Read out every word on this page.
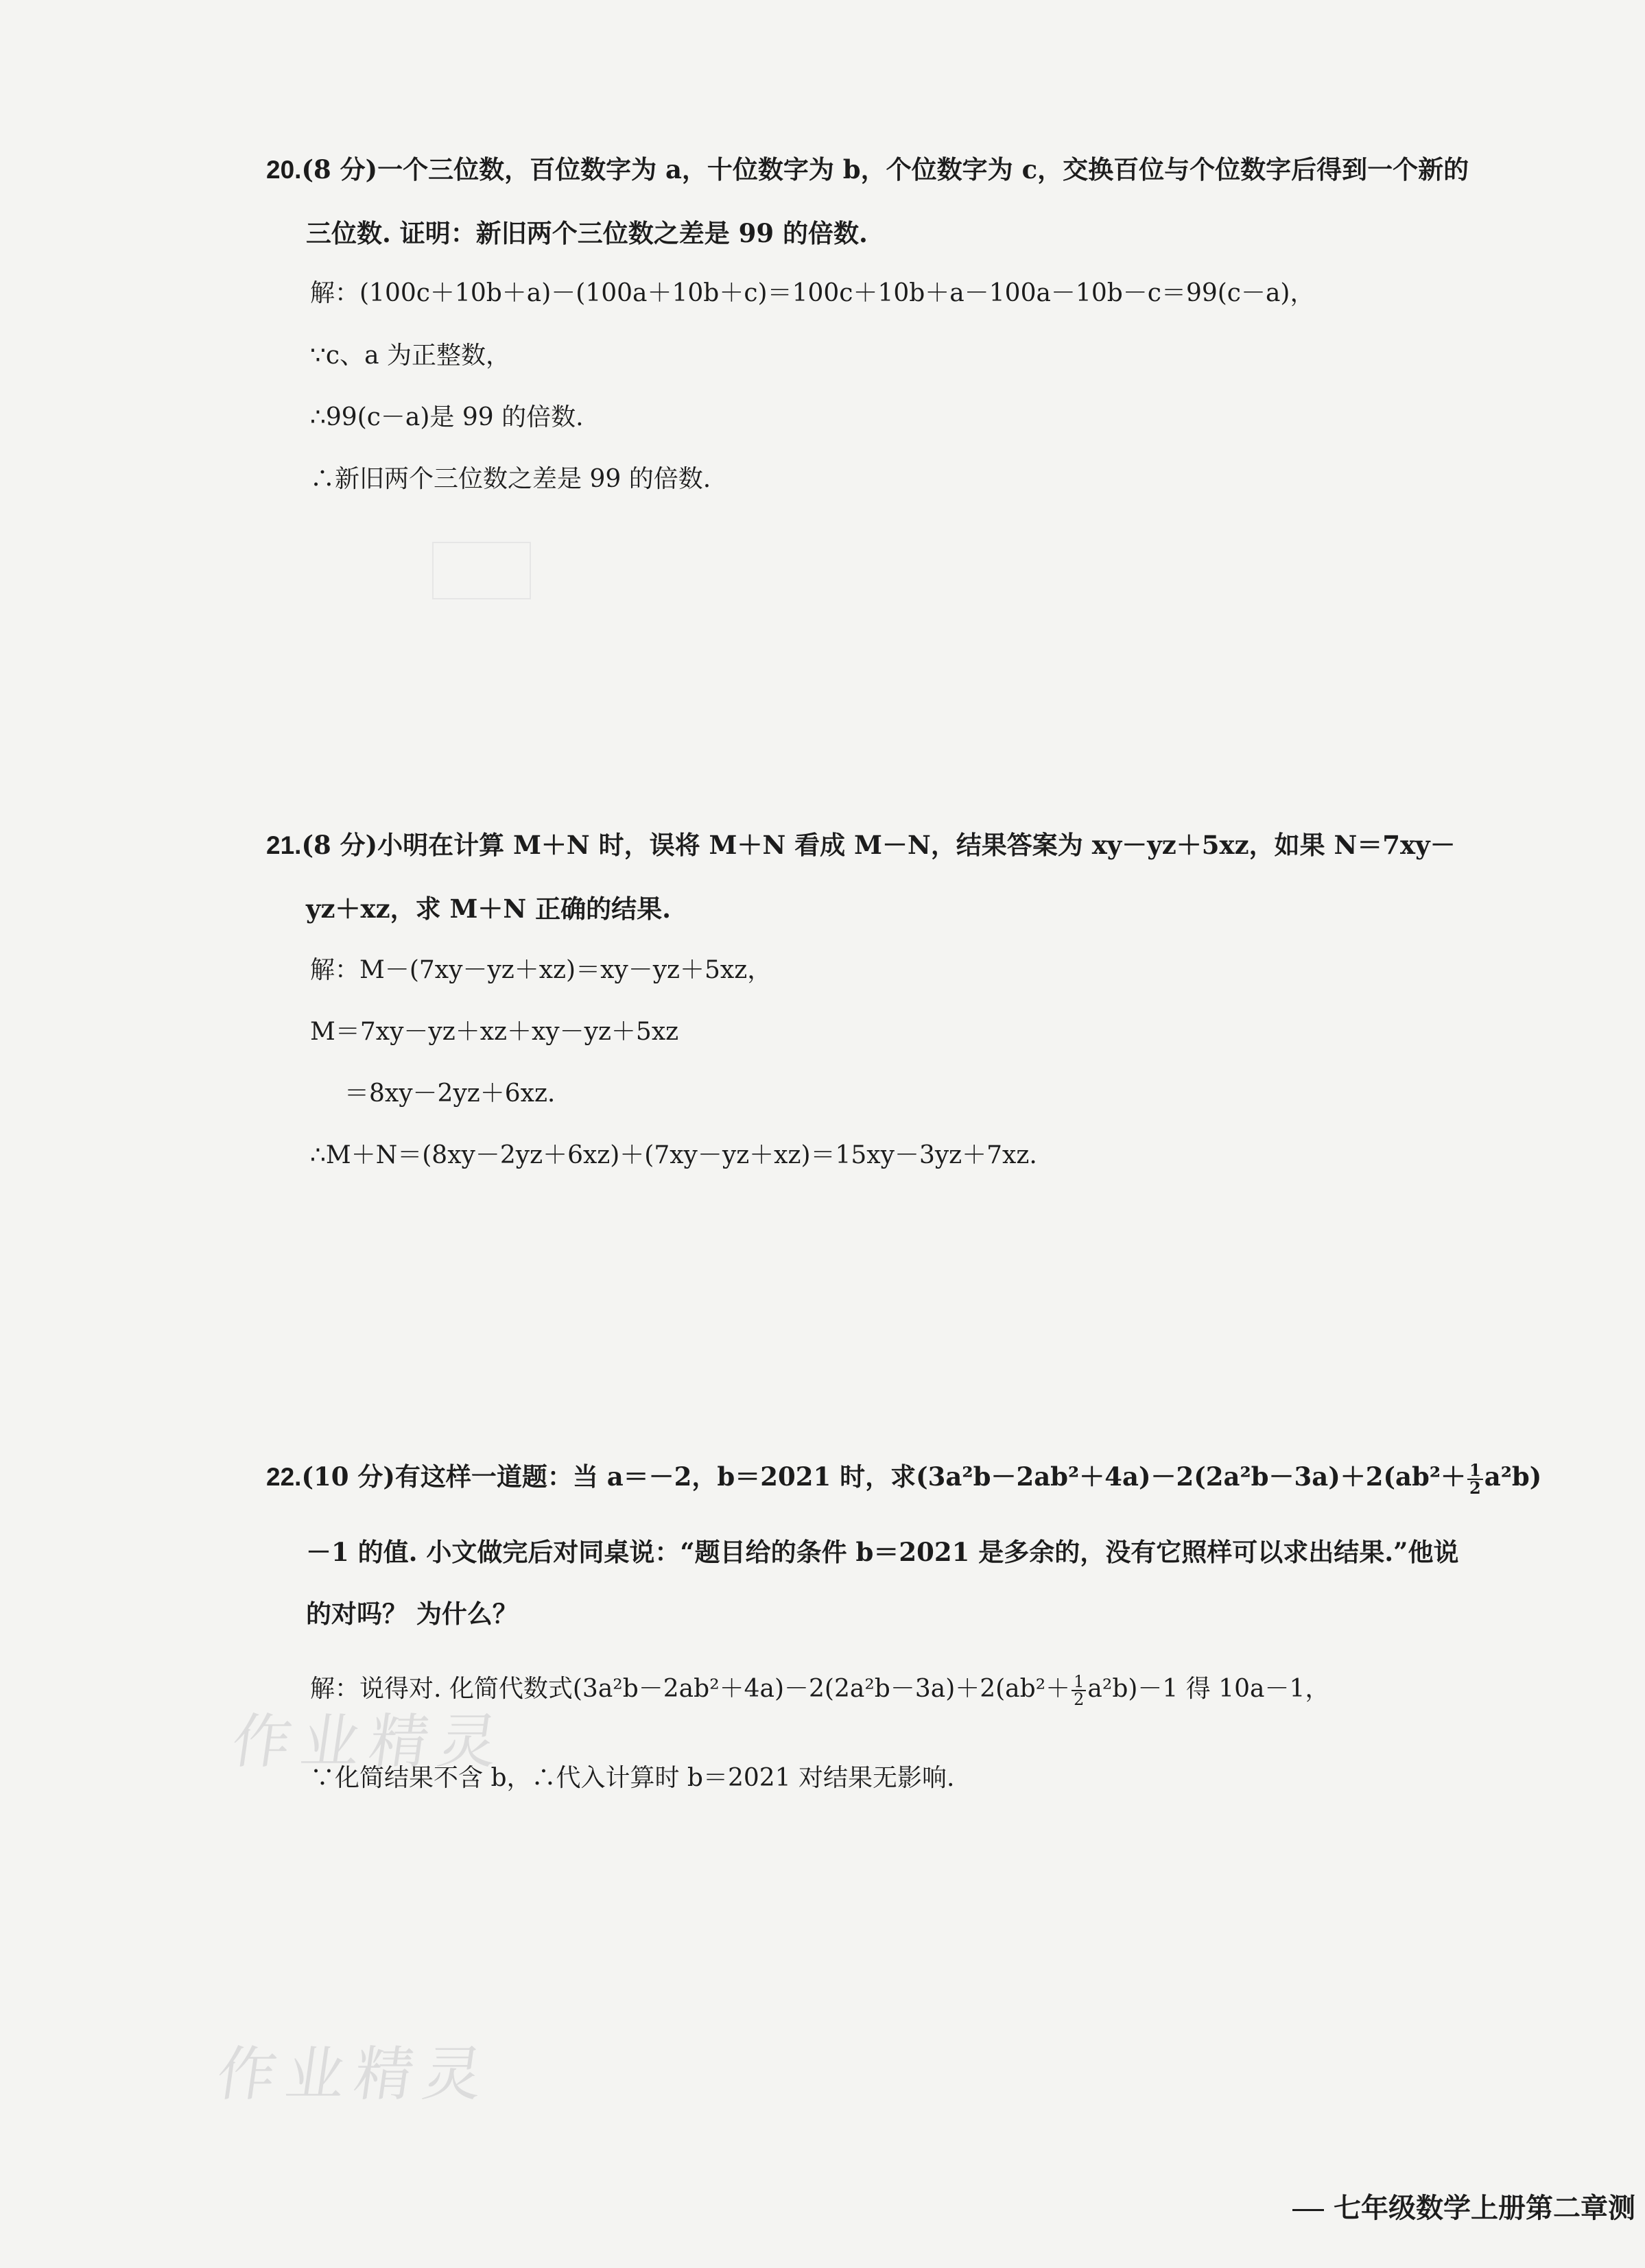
20.(8 分)一个三位数，百位数字为 a，十位数字为 b，个位数字为 c，交换百位与个位数字后得到一个新的
三位数. 证明：新旧两个三位数之差是 99 的倍数.
解：(100c＋10b＋a)－(100a＋10b＋c)＝100c＋10b＋a－100a－10b－c＝99(c－a)，
∵c、a 为正整数，
∴99(c－a)是 99 的倍数.
∴新旧两个三位数之差是 99 的倍数.
21.(8 分)小明在计算 M＋N 时，误将 M＋N 看成 M－N，结果答案为 xy－yz＋5xz，如果 N＝7xy－
yz＋xz，求 M＋N 正确的结果.
解：M－(7xy－yz＋xz)＝xy－yz＋5xz，
M＝7xy－yz＋xz＋xy－yz＋5xz
＝8xy－2yz＋6xz.
∴M＋N＝(8xy－2yz＋6xz)＋(7xy－yz＋xz)＝15xy－3yz＋7xz.
22.(10 分)有这样一道题：当 a＝－2，b＝2021 时，求$(3a^2b-2ab^2+4a)-2(2a^2b-3a)+2(ab^2+ \frac{1}{2} a^2b)$
－1 的值. 小文做完后对同桌说：“题目给的条件 b＝2021 是多余的，没有它照样可以求出结果.”他说
的对吗？ 为什么？
解：说得对. 化简代数式$(3a^2b-2ab^2+4a)-2(2a^2b-3a)+2(ab^2+ \frac{1}{2} a^2b)-1$ 得 10a－1，
∵化简结果不含 b，∴代入计算时 b＝2021 对结果无影响.
作业精灵
作业精灵
七年级数学上册第二章测
